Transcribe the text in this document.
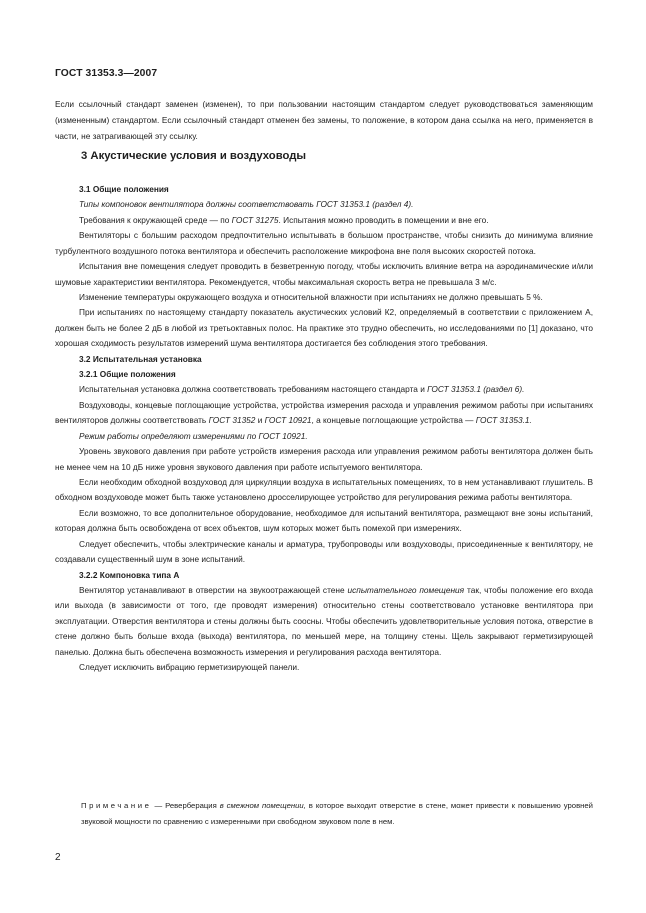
ГОСТ 31353.3—2007

Если ссылочный стандарт заменен (изменен), то при пользовании настоящим стандартом следует руководствоваться заменяющим (измененным) стандартом. Если ссылочный стандарт отменен без замены, то положение, в котором дана ссылка на него, применяется в части, не затрагивающей эту ссылку.

3 Акустические условия и воздуховоды

3.1 Общие положения

Типы компоновок вентилятора должны соответствовать ГОСТ 31353.1 (раздел 4).

Требования к окружающей среде — по ГОСТ 31275. Испытания можно проводить в помещении и вне его.

Вентиляторы с большим расходом предпочтительно испытывать в большом пространстве, чтобы снизить до минимума влияние турбулентного воздушного потока вентилятора и обеспечить расположение микрофона вне поля высоких скоростей потока.

Испытания вне помещения следует проводить в безветренную погоду, чтобы исключить влияние ветра на аэродинамические и/или шумовые характеристики вентилятора. Рекомендуется, чтобы максимальная скорость ветра не превышала 3 м/с.

Изменение температуры окружающего воздуха и относительной влажности при испытаниях не должно превышать 5 %.

При испытаниях по настоящему стандарту показатель акустических условий К2, определяемый в соответствии с приложением А, должен быть не более 2 дБ в любой из третьоктавных полос. На практике это трудно обеспечить, но исследованиями по [1] доказано, что хорошая сходимость результатов измерений шума вентилятора достигается без соблюдения этого требования.

3.2 Испытательная установка

3.2.1 Общие положения

Испытательная установка должна соответствовать требованиям настоящего стандарта и ГОСТ 31353.1 (раздел 6).

Воздуховоды, концевые поглощающие устройства, устройства измерения расхода и управления режимом работы при испытаниях вентиляторов должны соответствовать ГОСТ 31352 и ГОСТ 10921, а концевые поглощающие устройства — ГОСТ 31353.1.

Режим работы определяют измерениями по ГОСТ 10921.

Уровень звукового давления при работе устройств измерения расхода или управления режимом работы вентилятора должен быть не менее чем на 10 дБ ниже уровня звукового давления при работе испытуемого вентилятора.

Если необходим обходной воздуховод для циркуляции воздуха в испытательных помещениях, то в нем устанавливают глушитель. В обходном воздуховоде может быть также установлено дросселирующее устройство для регулирования режима работы вентилятора.

Если возможно, то все дополнительное оборудование, необходимое для испытаний вентилятора, размещают вне зоны испытаний, которая должна быть освобождена от всех объектов, шум которых может быть помехой при измерениях.

Следует обеспечить, чтобы электрические каналы и арматура, трубопроводы или воздуховоды, присоединенные к вентилятору, не создавали существенный шум в зоне испытаний.

3.2.2 Компоновка типа А

Вентилятор устанавливают в отверстии на звукоотражающей стене испытательного помещения так, чтобы положение его входа или выхода (в зависимости от того, где проводят измерения) относительно стены соответствовало установке вентилятора при эксплуатации. Отверстия вентилятора и стены должны быть соосны. Чтобы обеспечить удовлетворительные условия потока, отверстие в стене должно быть больше входа (выхода) вентилятора, по меньшей мере, на толщину стены. Щель закрывают герметизирующей панелью. Должна быть обеспечена возможность измерения и регулирования расхода вентилятора.

Следует исключить вибрацию герметизирующей панели.

Примечание — Реверберация в смежном помещении, в которое выходит отверстие в стене, может привести к повышению уровней звуковой мощности по сравнению с измеренными при свободном звуковом поле в нем.
2
